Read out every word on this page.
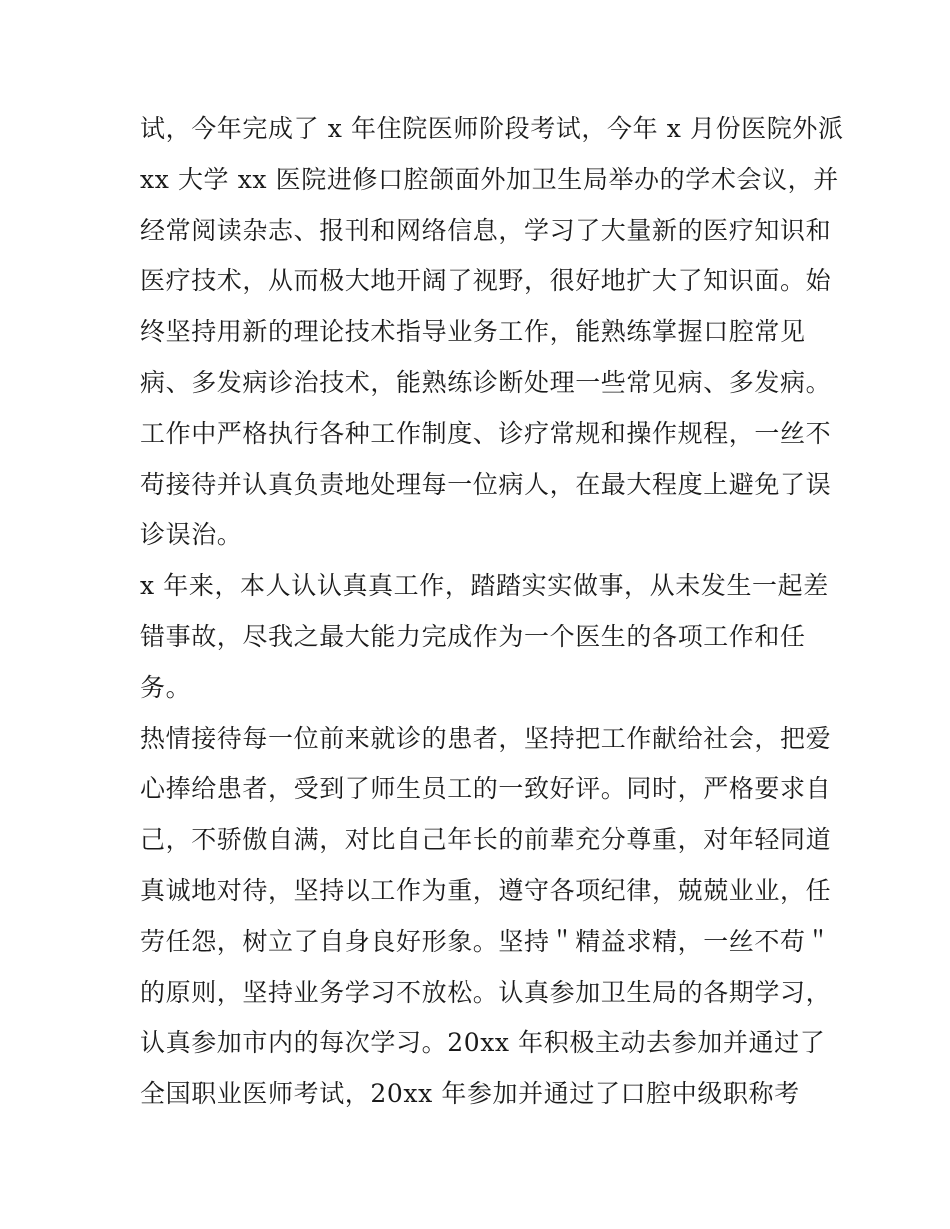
试，今年完成了 x 年住院医师阶段考试，今年 x 月份医院外派
xx 大学 xx 医院进修口腔颌面外加卫生局举办的学术会议，并
经常阅读杂志、报刊和网络信息，学习了大量新的医疗知识和
医疗技术，从而极大地开阔了视野，很好地扩大了知识面。始
终坚持用新的理论技术指导业务工作，能熟练掌握口腔常见
病、多发病诊治技术，能熟练诊断处理一些常见病、多发病。
工作中严格执行各种工作制度、诊疗常规和操作规程，一丝不
苟接待并认真负责地处理每一位病人，在最大程度上避免了误
诊误治。
x 年来，本人认认真真工作，踏踏实实做事，从未发生一起差
错事故，尽我之最大能力完成作为一个医生的各项工作和任
务。
热情接待每一位前来就诊的患者，坚持把工作献给社会，把爱
心捧给患者，受到了师生员工的一致好评。同时，严格要求自
己，不骄傲自满，对比自己年长的前辈充分尊重，对年轻同道
真诚地对待，坚持以工作为重，遵守各项纪律，兢兢业业，任
劳任怨，树立了自身良好形象。坚持＂精益求精，一丝不苟＂
的原则，坚持业务学习不放松。认真参加卫生局的各期学习，
认真参加市内的每次学习。20xx 年积极主动去参加并通过了
全国职业医师考试，20xx 年参加并通过了口腔中级职称考
